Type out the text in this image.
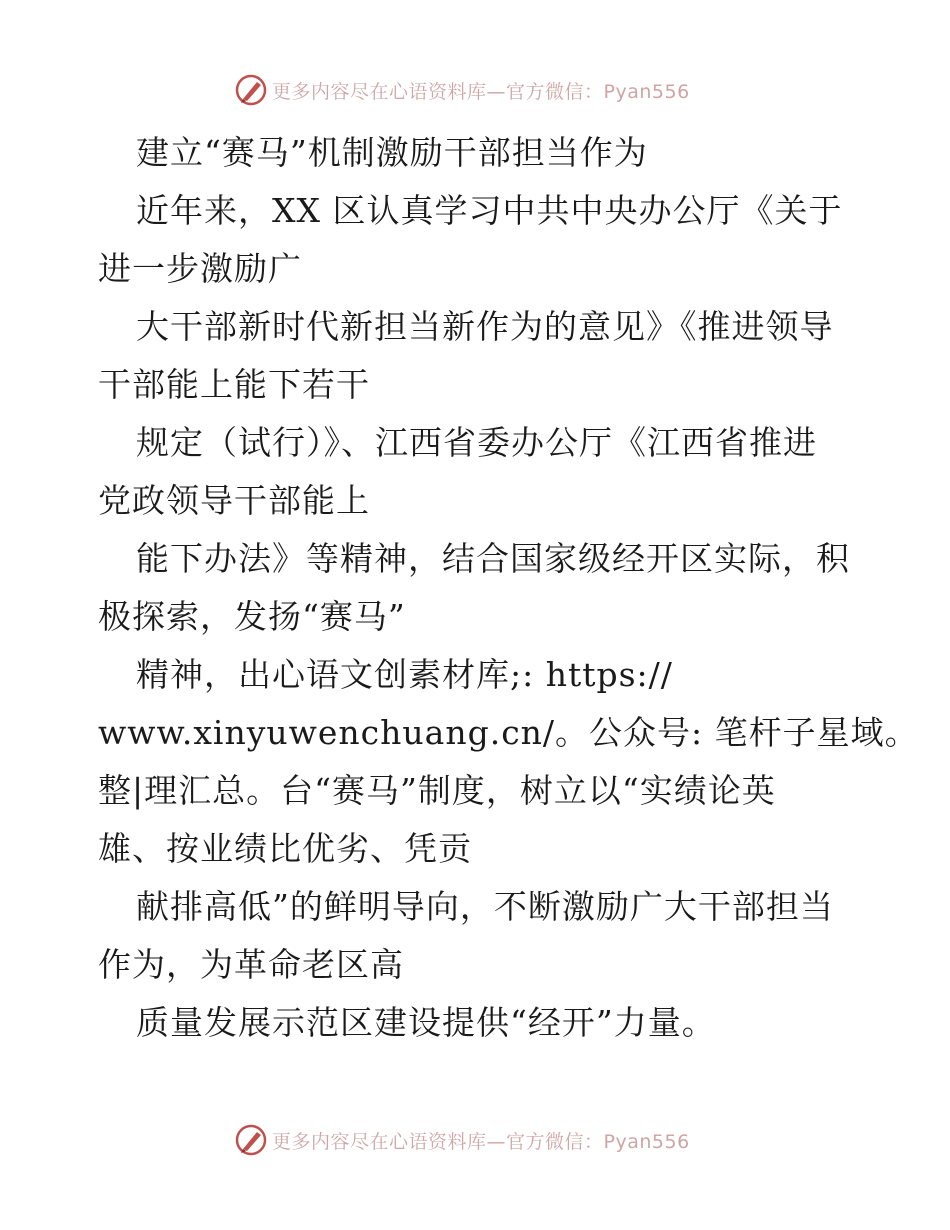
更多内容尽在心语资料库—官方微信：Pyan556
建立“赛马”机制激励干部担当作为
近年来，XX 区认真学习中共中央办公厅《关于
进一步激励广
大干部新时代新担当新作为的意见》《推进领导
干部能上能下若干
规定（试行）》、江西省委办公厅《江西省推进
党政领导干部能上
能下办法》等精神，结合国家级经开区实际，积
极探索，发扬“赛马”
精神，出心语文创素材库;: https://
www.xinyuwenchuang.cn/。公众号: 笔杆子星域。
整|理汇总。台“赛马”制度，树立以“实绩论英
雄、按业绩比优劣、凭贡
献排高低”的鲜明导向，不断激励广大干部担当
作为，为革命老区高
质量发展示范区建设提供“经开”力量。
更多内容尽在心语资料库—官方微信：Pyan556
